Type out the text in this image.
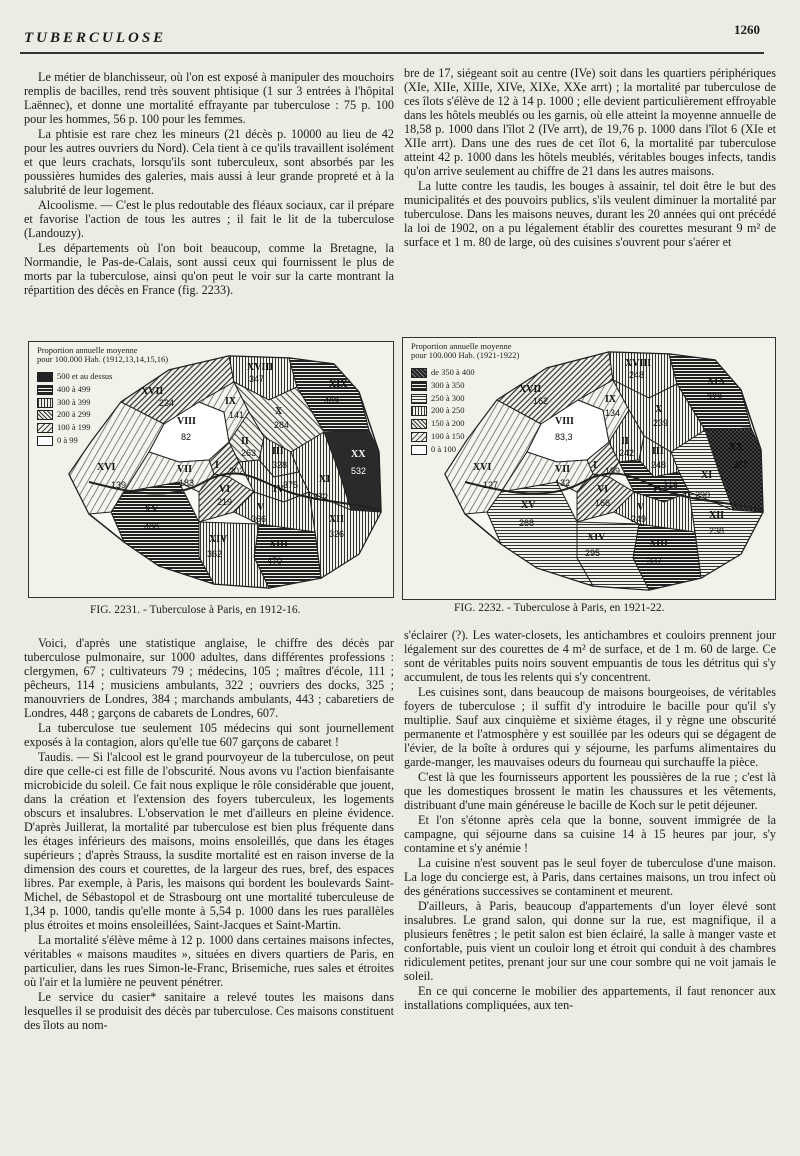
TUBERCULOSE
1260

Le métier de blanchisseur, où l'on est exposé à manipuler des mouchoirs remplis de bacilles, rend très souvent phtisique (1 sur 3 entrées à l'hôpital Laënnec), et donne une mortalité effrayante par tuberculose : 75 p. 100 pour les hommes, 56 p. 100 pour les femmes.

La phtisie est rare chez les mineurs (21 décès p. 10000 au lieu de 42 pour les autres ouvriers du Nord). Cela tient à ce qu'ils travaillent isolément et que leurs crachats, lorsqu'ils sont tuberculeux, sont absorbés par les poussières humides des galeries, mais aussi à leur grande propreté et à la salubrité de leur logement.

Alcoolisme. — C'est le plus redoutable des fléaux sociaux, car il prépare et favorise l'action de tous les autres ; il fait le lit de la tuberculose (Landouzy).

Les départements où l'on boit beaucoup, comme la Bretagne, la Normandie, le Pas-de-Calais, sont aussi ceux qui fournissent le plus de morts par la tuberculose, ainsi qu'on peut le voir sur la carte montrant la répartition des décès en France (fig. 2233).

bre de 17, siégeant soit au centre (IVe) soit dans les quartiers périphériques (XIe, XIIe, XIIIe, XIVe, XIXe, XXe arrt) ; la mortalité par tuberculose de ces îlots s'élève de 12 à 14 p. 1000 ; elle devient particulièrement effroyable dans les hôtels meublés ou les garnis, où elle atteint la moyenne annuelle de 18,58 p. 1000 dans l'îlot 2 (IVe arrt), de 19,76 p. 1000 dans l'îlot 6 (XIe et XIIe arrt). Dans une des rues de cet îlot 6, la mortalité par tuberculose atteint 42 p. 1000 dans les hôtels meublés, véritables bouges infects, tandis qu'on arrive seulement au chiffre de 21 dans les autres maisons.

La lutte contre les taudis, les bouges à assainir, tel doit être le but des municipalités et des pouvoirs publics, s'ils veulent diminuer la mortalité par tuberculose. Dans les maisons neuves, durant les 20 années qui ont précédé la loi de 1902, on a pu légalement établir des courettes mesurant 9 m² de surface et 1 m. 80 de large, où des cuisines s'ouvrent pour s'aérer et

Proportion annuelle moyenne
pour 100.000 Hab. (1912,13,14,15,16)
500 et au dessus
400 à 499
300 à 399
200 à 299
100 à 199
0 à 99
XVII
234
XVIII
347	XIX
469
XX
532
XI
372
XII
326
XIII
470
XIV
362
XV
400
XVI
139
VIII
82
IX
141	X
284
II
263 III
328
I 202
IV
375
VII
183
VI
219 V
366
FIG. 2231. - Tuberculose à Paris, en 1912-16.
Proportion annuelle moyenne
pour 100.000 Hab. (1921-1922)
de 350 à 400
300 à 350
250 à 300
200 à 250
150 à 200
100 à 150
0 à 100
XVII
162
XVIII
248
XIX
329
XX
357
XI
290
XII
238
XIII
337
XIV
295
XV
268
XVI
127
VIII
83,3
IX
134	X
239
II
242 III
248
I 199
IV
316
VII
132
VI
166	V
249
FIG. 2232. - Tuberculose à Paris, en 1921-22.

Voici, d'après une statistique anglaise, le chiffre des décès par tuberculose pulmonaire, sur 1000 adultes, dans différentes professions : clergymen, 67 ; cultivateurs 79 ; médecins, 105 ; maîtres d'école, 111 ; pêcheurs, 114 ; musiciens ambulants, 322 ; ouvriers des docks, 325 ; manouvriers de Londres, 384 ; marchands ambulants, 443 ; cabaretiers de Londres, 448 ; garçons de cabarets de Londres, 607.

La tuberculose tue seulement 105 médecins qui sont journellement exposés à la contagion, alors qu'elle tue 607 garçons de cabaret !

Taudis. — Si l'alcool est le grand pourvoyeur de la tuberculose, on peut dire que celle-ci est fille de l'obscurité. Nous avons vu l'action bienfaisante microbicide du soleil. Ce fait nous explique le rôle considérable que jouent, dans la création et l'extension des foyers tuberculeux, les logements obscurs et insalubres. L'observation le met d'ailleurs en pleine évidence. D'après Juillerat, la mortalité par tuberculose est bien plus fréquente dans les étages inférieurs des maisons, moins ensoleillés, que dans les étages supérieurs ; d'après Strauss, la susdite mortalité est en raison inverse de la dimension des cours et courettes, de la largeur des rues, bref, des espaces libres. Par exemple, à Paris, les maisons qui bordent les boulevards Saint-Michel, de Sébastopol et de Strasbourg ont une mortalité tuberculeuse de 1,34 p. 1000, tandis qu'elle monte à 5,54 p. 1000 dans les rues parallèles plus étroites et moins ensoleillées, Saint-Jacques et Saint-Martin.

La mortalité s'élève même à 12 p. 1000 dans certaines maisons infectes, véritables « maisons maudites », situées en divers quartiers de Paris, en particulier, dans les rues Simon-le-Franc, Brisemiche, rues sales et étroites où l'air et la lumière ne peuvent pénétrer.

Le service du casier* sanitaire a relevé toutes les maisons dans lesquelles il se produisit des décès par tuberculose. Ces maisons constituent des îlots au nom-

s'éclairer (?). Les water-closets, les antichambres et couloirs prennent jour légalement sur des courettes de 4 m² de surface, et de 1 m. 60 de large. Ce sont de véritables puits noirs souvent empuantis de tous les détritus qui s'y accumulent, de tous les relents qui s'y concentrent.

Les cuisines sont, dans beaucoup de maisons bourgeoises, de véritables foyers de tuberculose ; il suffit d'y introduire le bacille pour qu'il s'y multiplie. Sauf aux cinquième et sixième étages, il y règne une obscurité permanente et l'atmosphère y est souillée par les odeurs qui se dégagent de l'évier, de la boîte à ordures qui y séjourne, les parfums alimentaires du garde-manger, les mauvaises odeurs du fourneau qui surchauffe la pièce.

C'est là que les fournisseurs apportent les poussières de la rue ; c'est là que les domestiques brossent le matin les chaussures et les vêtements, distribuant d'une main généreuse le bacille de Koch sur le petit déjeuner.

Et l'on s'étonne après cela que la bonne, souvent immigrée de la campagne, qui séjourne dans sa cuisine 14 à 15 heures par jour, s'y contamine et s'y anémie !

La cuisine n'est souvent pas le seul foyer de tuberculose d'une maison. La loge du concierge est, à Paris, dans certaines maisons, un trou infect où des générations successives se contaminent et meurent.

D'ailleurs, à Paris, beaucoup d'appartements d'un loyer élevé sont insalubres. Le grand salon, qui donne sur la rue, est magnifique, il a plusieurs fenêtres ; le petit salon est bien éclairé, la salle à manger vaste et confortable, puis vient un couloir long et étroit qui conduit à des chambres ridiculement petites, prenant jour sur une cour sombre qui ne voit jamais le soleil.

En ce qui concerne le mobilier des appartements, il faut renoncer aux installations compliquées, aux ten-
